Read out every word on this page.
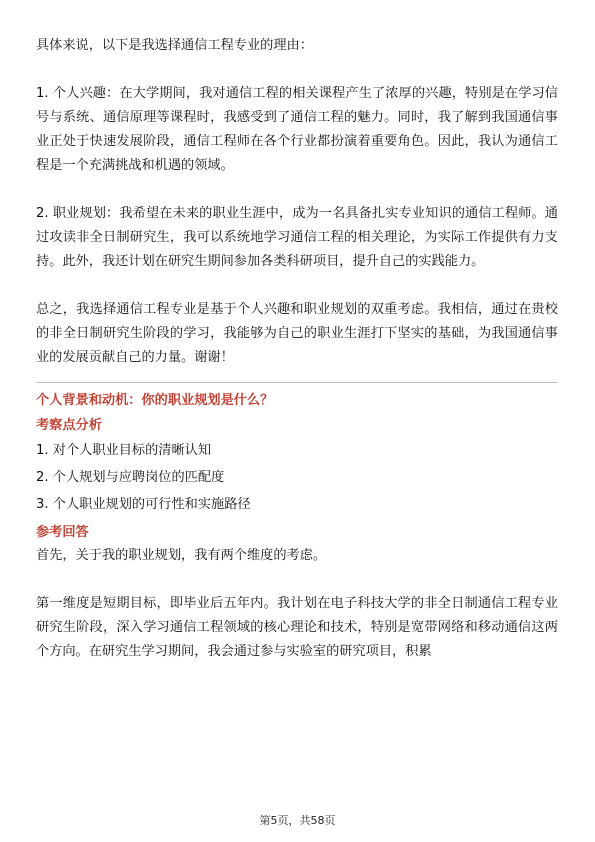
具体来说，以下是我选择通信工程专业的理由：

1. 个人兴趣：在大学期间，我对通信工程的相关课程产生了浓厚的兴趣，特别是在学习信号与系统、通信原理等课程时，我感受到了通信工程的魅力。同时，我了解到我国通信事业正处于快速发展阶段，通信工程师在各个行业都扮演着重要角色。因此，我认为通信工程是一个充满挑战和机遇的领域。

2. 职业规划：我希望在未来的职业生涯中，成为一名具备扎实专业知识的通信工程师。通过攻读非全日制研究生，我可以系统地学习通信工程的相关理论，为实际工作提供有力支持。此外，我还计划在研究生期间参加各类科研项目，提升自己的实践能力。

总之，我选择通信工程专业是基于个人兴趣和职业规划的双重考虑。我相信，通过在贵校的非全日制研究生阶段的学习，我能够为自己的职业生涯打下坚实的基础，为我国通信事业的发展贡献自己的力量。谢谢！

个人背景和动机：你的职业规划是什么？
考察点分析
1. 对个人职业目标的清晰认知
2. 个人规划与应聘岗位的匹配度
3. 个人职业规划的可行性和实施路径
参考回答

首先，关于我的职业规划，我有两个维度的考虑。

第一维度是短期目标，即毕业后五年内。我计划在电子科技大学的非全日制通信工程专业研究生阶段，深入学习通信工程领域的核心理论和技术，特别是宽带网络和移动通信这两个方向。在研究生学习期间，我会通过参与实验室的研究项目，积累

第5页，共58页
